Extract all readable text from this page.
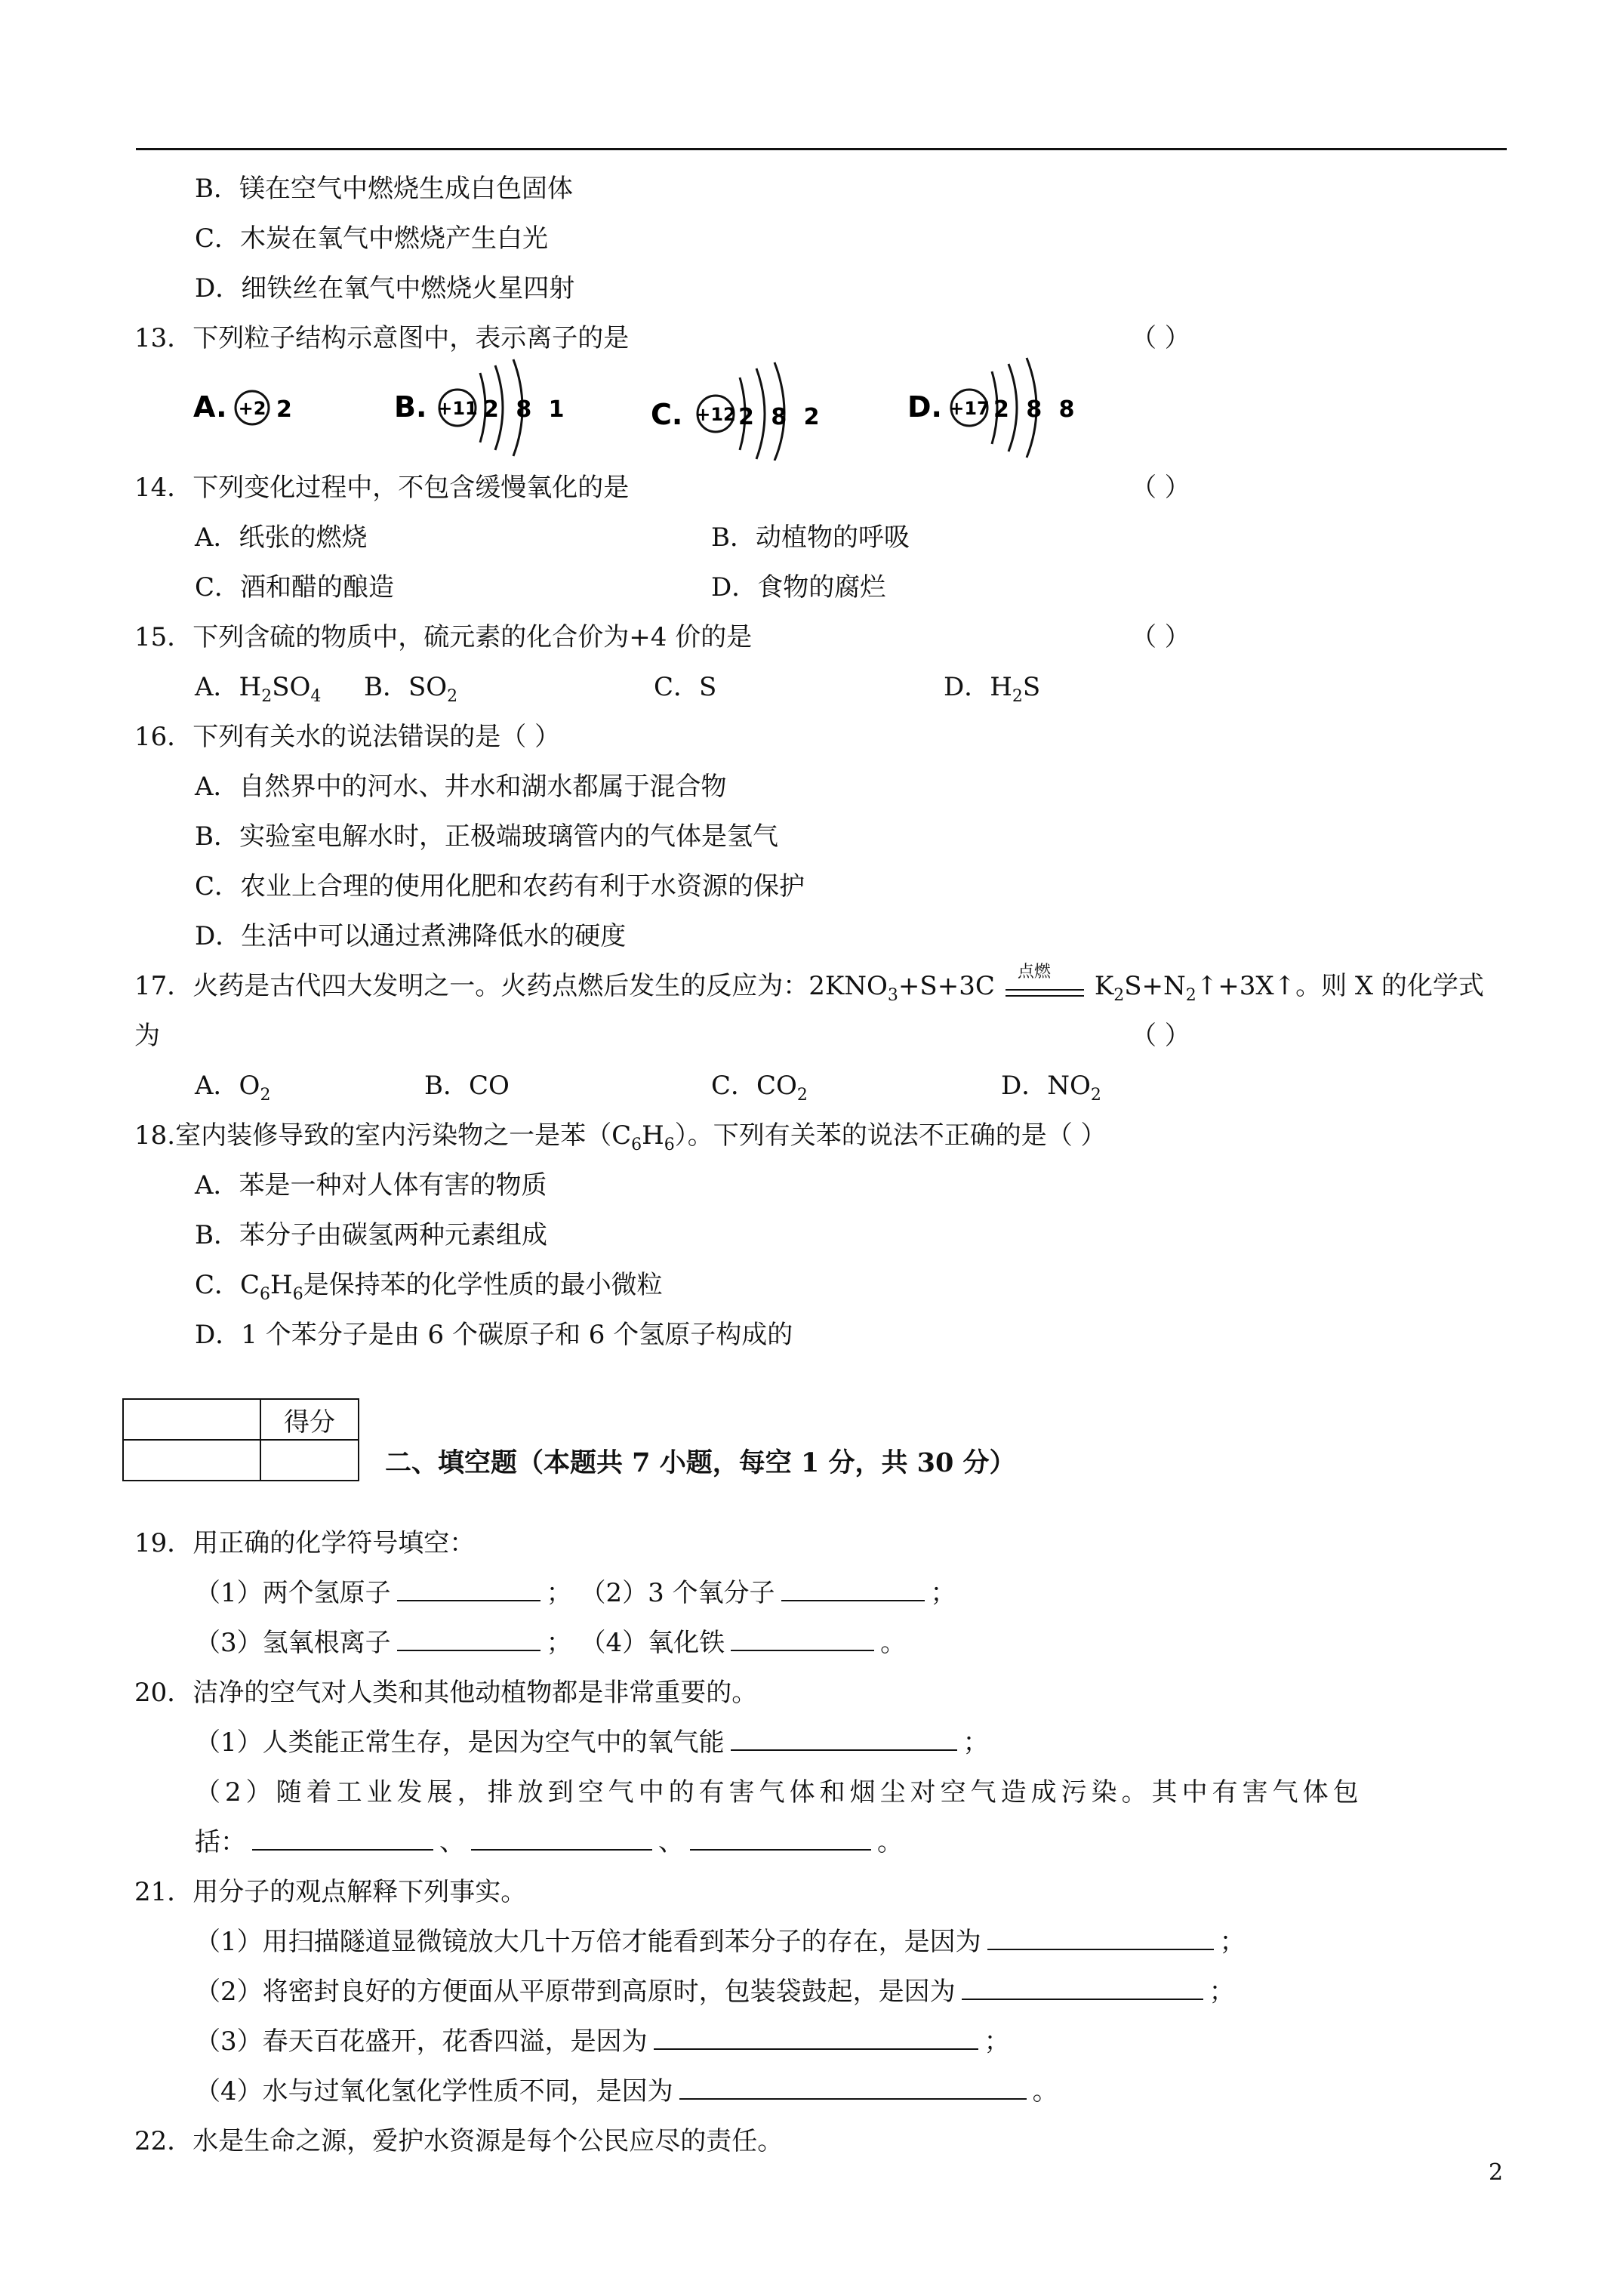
B．镁在空气中燃烧生成白色固体
C．木炭在氧气中燃烧产生白光
D．细铁丝在氧气中燃烧火星四射
13．下列粒子结构示意图中，表示离子的是	（ ）
A. +2 2	B. +11 2 8 1	C. +12 2 8 2	D. +17 2 8 8
14．下列变化过程中，不包含缓慢氧化的是	（ ）
A．纸张的燃烧	B．动植物的呼吸
C．酒和醋的酿造	D．食物的腐烂
15．下列含硫的物质中，硫元素的化合价为+4 价的是	（ ）
A．$H_2SO_4$ B．$SO_2$	C．S	D．$H_2S$
16．下列有关水的说法错误的是（ ）
A．自然界中的河水、井水和湖水都属于混合物
B．实验室电解水时，正极端玻璃管内的气体是氢气
C．农业上合理的使用化肥和农药有利于水资源的保护
D．生活中可以通过煮沸降低水的硬度
17．火药是古代四大发明之一。火药点燃后发生的反应为：$2KNO_3+S+3C$ 点燃 $K_2S+N_2↑+3X↑$。则 X 的化学式
为	（ ）
A．$O_2$	B．CO	C．$CO_2$	D．$NO_2$
18.室内装修导致的室内污染物之一是苯$(C_6H_6)$。下列有关苯的说法不正确的是（ ）
A．苯是一种对人体有害的物质
B．苯分子由碳氢两种元素组成
C．$C_6H_6$是保持苯的化学性质的最小微粒
D．1 个苯分子是由 6 个碳原子和 6 个氢原子构成的
	得分

二、填空题（本题共 7 小题，每空 1 分，共 30 分）
19．用正确的化学符号填空：
（1）两个氢原子	； （2）3 个氧分子	；
（3）氢氧根离子	； （4）氧化铁	。
20．洁净的空气对人类和其他动植物都是非常重要的。
（1）人类能正常生存，是因为空气中的氧气能	；
（2）随着工业发展，排放到空气中的有害气体和烟尘对空气造成污染。其中有害气体包
括：	、	、	。
21．用分子的观点解释下列事实。
（1）用扫描隧道显微镜放大几十万倍才能看到苯分子的存在，是因为	；
（2）将密封良好的方便面从平原带到高原时，包装袋鼓起，是因为	；
（3）春天百花盛开，花香四溢，是因为	；
（4）水与过氧化氢化学性质不同，是因为	。
22．水是生命之源，爱护水资源是每个公民应尽的责任。
2
